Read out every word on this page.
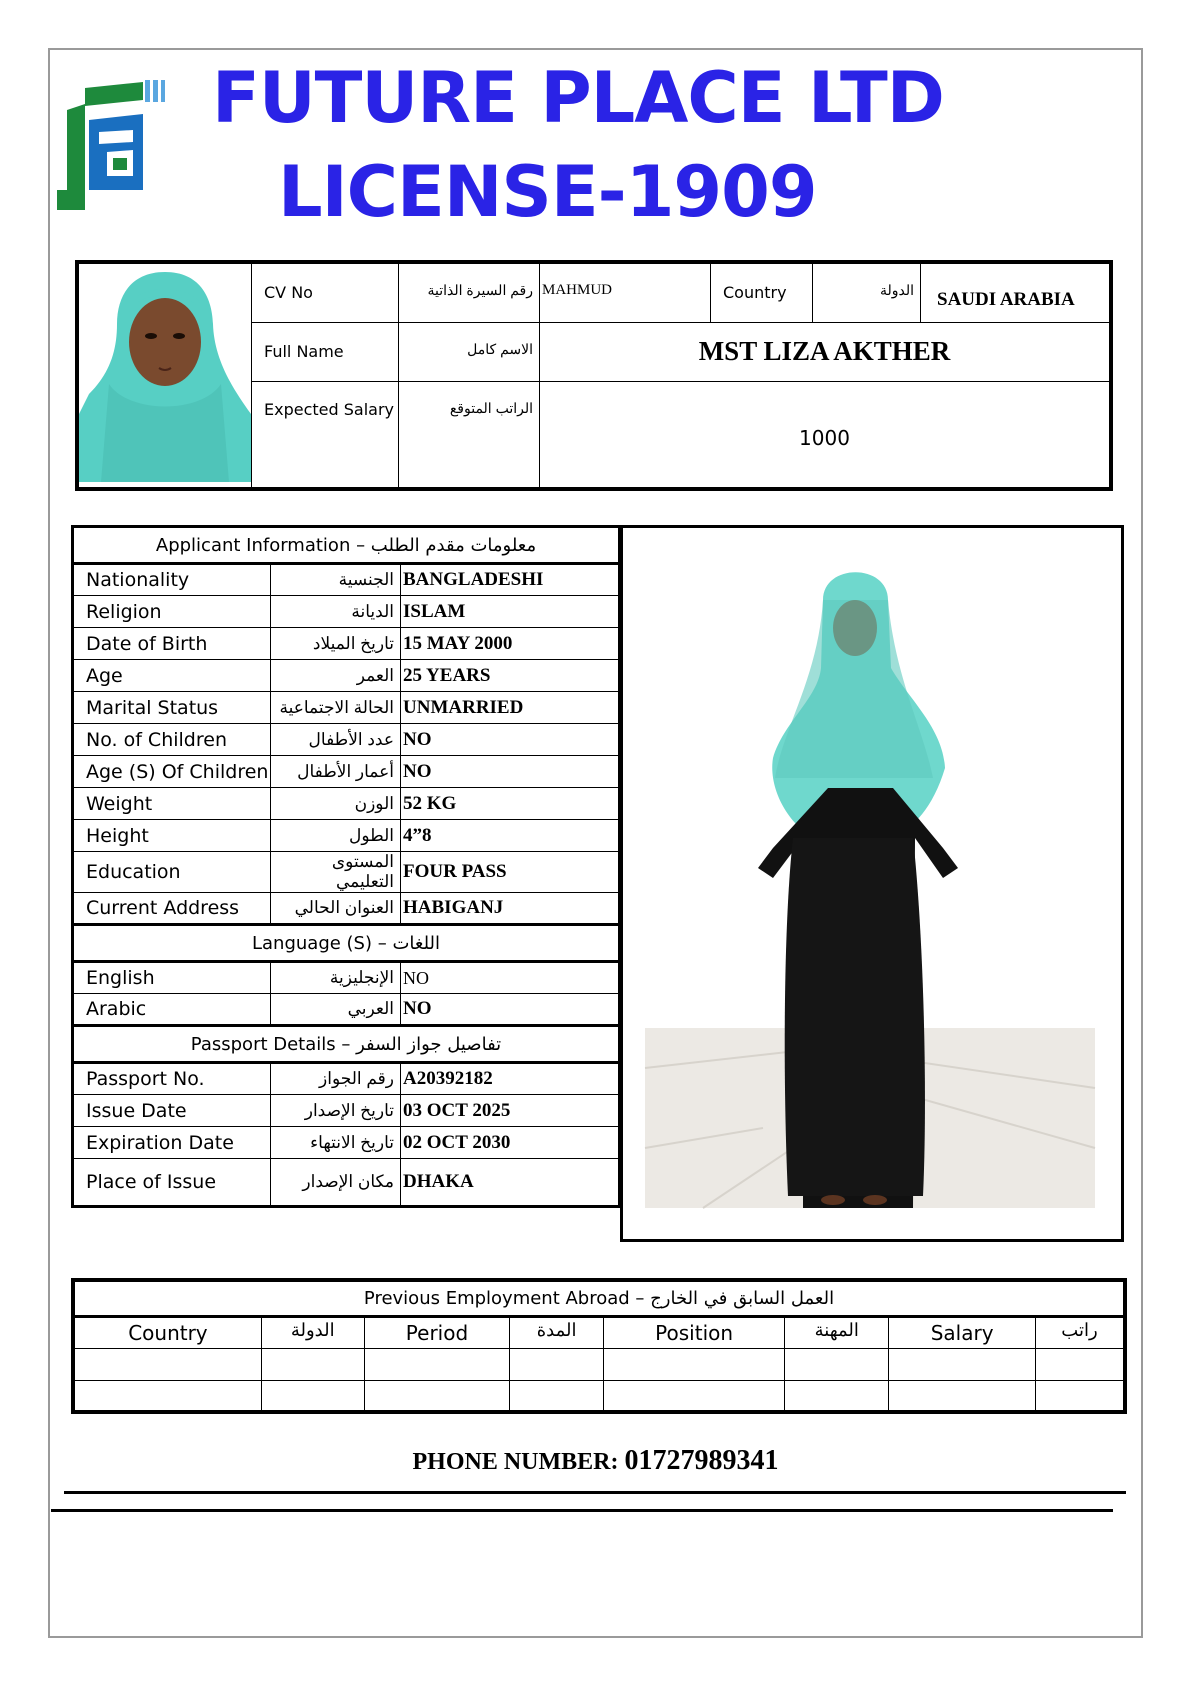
FUTURE PLACE LTD
LICENSE-1909
	CV No	رقم السيرة الذاتية	MAHMUD	Country	الدولة	SAUDI ARABIA
	Full Name	الاسم كامل	MST LIZA AKTHER			
	Expected Salary	الراتب المتوقع	1000			
Applicant Information – معلومات مقدم الطلب		
Nationality	الجنسية	BANGLADESHI
Religion	الديانة	ISLAM
Date of Birth	تاريخ الميلاد	15 MAY 2000
Age	العمر	25 YEARS
Marital Status	الحالة الاجتماعية	UNMARRIED
No. of Children	عدد الأطفال	NO
Age (S) Of Children	أعمار الأطفال	NO
Weight	الوزن	52 KG
Height	الطول	4”8
Education	المستوى التعليمي	FOUR PASS
Current Address	العنوان الحالي	HABIGANJ
Language (S) – اللغات		
English	الإنجليزية	NO
Arabic	العربي	NO
Passport Details – تفاصيل جواز السفر		
Passport No.	رقم الجواز	A20392182
Issue Date	تاريخ الإصدار	03 OCT 2025
Expiration Date	تاريخ الانتهاء	02 OCT 2030
Place of Issue	مكان الإصدار	DHAKA
Previous Employment Abroad – العمل السابق في الخارج							
Country	الدولة	Period	المدة	Position	المهنة	Salary	راتب

PHONE NUMBER: 01727989341
